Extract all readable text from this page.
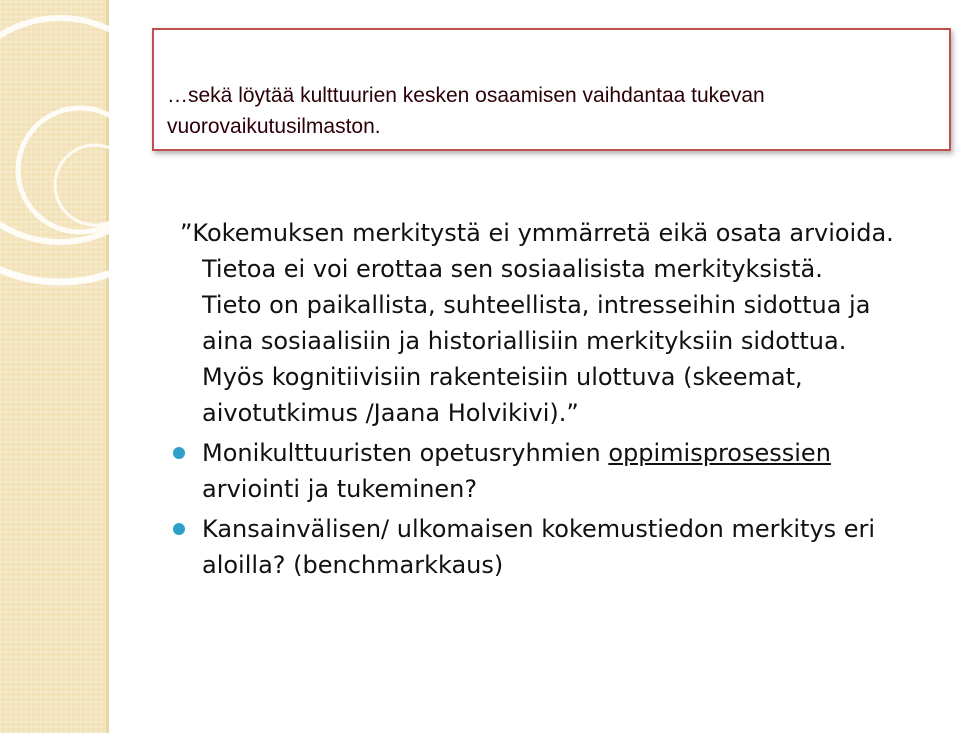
…sekä löytää kulttuurien kesken osaamisen vaihdantaa tukevan vuorovaikutusilmaston.

”Kokemuksen merkitystä ei ymmärretä eikä osata arvioida.

Tietoa ei voi erottaa sen sosiaalisista merkityksistä.

Tieto on paikallista, suhteellista, intresseihin sidottua ja

aina sosiaalisiin ja historiallisiin merkityksiin sidottua.

Myös kognitiivisiin rakenteisiin ulottuva (skeemat,

aivotutkimus /Jaana Holvikivi).”

Monikulttuuristen opetusryhmien oppimisprosessien

arviointi ja tukeminen?

Kansainvälisen/ ulkomaisen kokemustiedon merkitys eri

aloilla? (benchmarkkaus)
